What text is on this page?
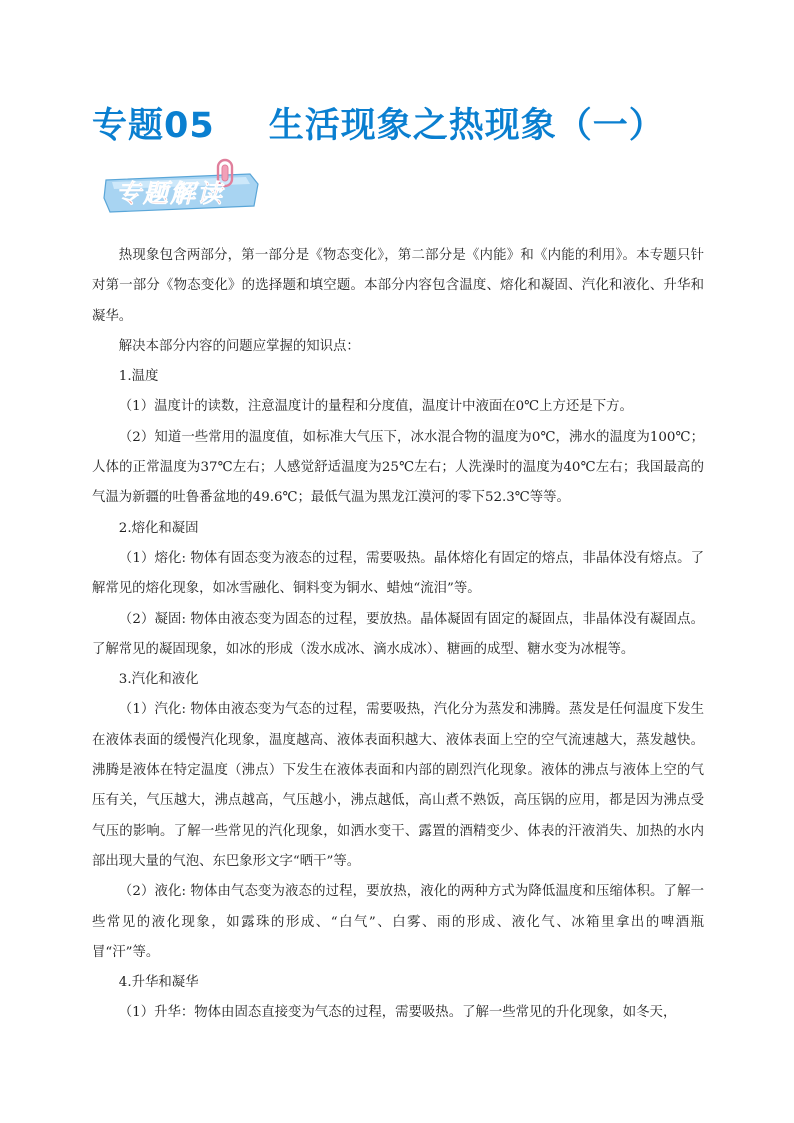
专题05 生活现象之热现象（一）
专题解读

热现象包含两部分，第一部分是《物态变化》，第二部分是《内能》和《内能的利用》。本专题只针对第一部分《物态变化》的选择题和填空题。本部分内容包含温度、熔化和凝固、汽化和液化、升华和凝华。

解决本部分内容的问题应掌握的知识点：

1.温度

（1）温度计的读数，注意温度计的量程和分度值，温度计中液面在0℃上方还是下方。

（2）知道一些常用的温度值，如标准大气压下，冰水混合物的温度为0℃，沸水的温度为100℃；人体的正常温度为37℃左右；人感觉舒适温度为25℃左右；人洗澡时的温度为40℃左右；我国最高的气温为新疆的吐鲁番盆地的49.6℃；最低气温为黑龙江漠河的零下52.3℃等等。

2.熔化和凝固

（1）熔化: 物体有固态变为液态的过程，需要吸热。晶体熔化有固定的熔点，非晶体没有熔点。了解常见的熔化现象，如冰雪融化、铜料变为铜水、蜡烛“流泪”等。

（2）凝固: 物体由液态变为固态的过程，要放热。晶体凝固有固定的凝固点，非晶体没有凝固点。了解常见的凝固现象，如冰的形成（泼水成冰、滴水成冰）、糖画的成型、糖水变为冰棍等。

3.汽化和液化

（1）汽化: 物体由液态变为气态的过程，需要吸热，汽化分为蒸发和沸腾。蒸发是任何温度下发生在液体表面的缓慢汽化现象，温度越高、液体表面积越大、液体表面上空的空气流速越大，蒸发越快。沸腾是液体在特定温度（沸点）下发生在液体表面和内部的剧烈汽化现象。液体的沸点与液体上空的气压有关，气压越大，沸点越高，气压越小，沸点越低，高山煮不熟饭，高压锅的应用，都是因为沸点受气压的影响。了解一些常见的汽化现象，如洒水变干、露置的酒精变少、体表的汗液消失、加热的水内部出现大量的气泡、东巴象形文字“晒干”等。

（2）液化: 物体由气态变为液态的过程，要放热，液化的两种方式为降低温度和压缩体积。了解一些常见的液化现象，如露珠的形成、“白气”、白雾、雨的形成、液化气、冰箱里拿出的啤酒瓶冒“汗”等。

4.升华和凝华

（1）升华：物体由固态直接变为气态的过程，需要吸热。了解一些常见的升化现象，如冬天，
